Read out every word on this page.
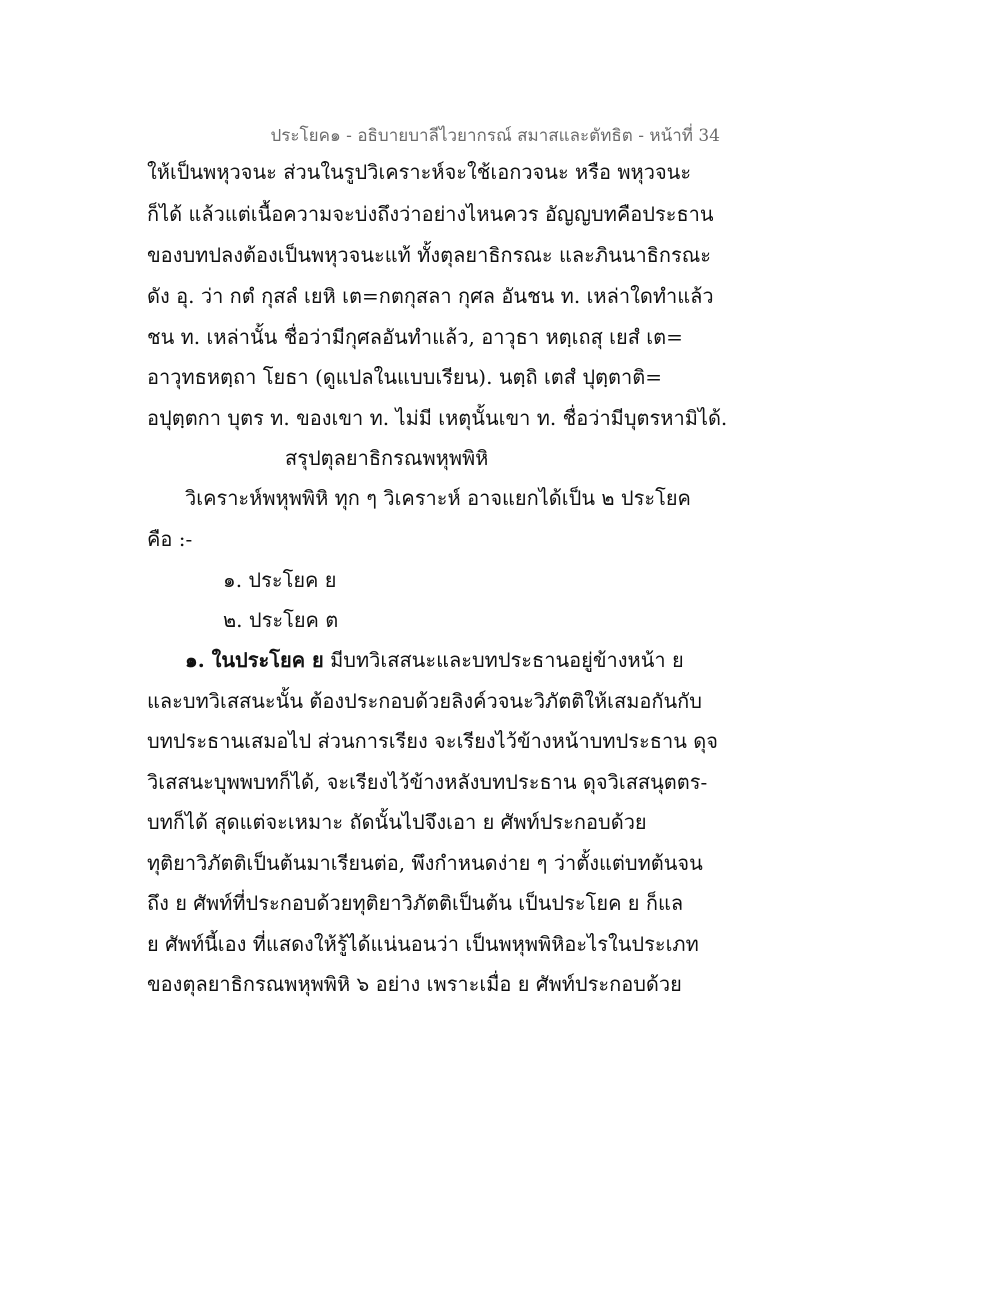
ประโยค๑ - อธิบายบาลีไวยากรณ์ สมาสและตัทธิต - หน้าที่ 34
ให้เป็นพหุวจนะ ส่วนในรูปวิเคราะห์จะใช้เอกวจนะ หรือ พหุวจนะ
ก็ได้ แล้วแต่เนื้อความจะบ่งถึงว่าอย่างไหนควร อัญญบทคือประธาน
ของบทปลงต้องเป็นพหุวจนะแท้ ทั้งตุลยาธิกรณะ และภินนาธิกรณะ
ดัง อุ. ว่า กตํ กุสลํ เยหิ เต=กตกุสลา กุศล อันชน ท. เหล่าใดทำแล้ว
ชน ท. เหล่านั้น ชื่อว่ามีกุศลอันทำแล้ว, อาวุธา หตฺเถสุ เยสํ เต=
อาวุทธหตฺถา โยธา (ดูแปลในแบบเรียน). นตฺถิ เตสํ ปุตฺตาติ=
อปุตฺตกา บุตร ท. ของเขา ท. ไม่มี เหตุนั้นเขา ท. ชื่อว่ามีบุตรหามิได้.
สรุปตุลยาธิกรณพหุพพิหิ
วิเคราะห์พหุพพิหิ ทุก ๆ วิเคราะห์ อาจแยกได้เป็น ๒ ประโยค
คือ :-
๑. ประโยค ย
๒. ประโยค ต
๑. ในประโยค ย มีบทวิเสสนะและบทประธานอยู่ข้างหน้า ย
และบทวิเสสนะนั้น ต้องประกอบด้วยลิงค์วจนะวิภัตติให้เสมอกันกับ
บทประธานเสมอไป ส่วนการเรียง จะเรียงไว้ข้างหน้าบทประธาน ดุจ
วิเสสนะบุพพบทก็ได้, จะเรียงไว้ข้างหลังบทประธาน ดุจวิเสสนุตตร-
บทก็ได้ สุดแต่จะเหมาะ ถัดนั้นไปจึงเอา ย ศัพท์ประกอบด้วย
ทุติยาวิภัตติเป็นต้นมาเรียนต่อ, พึงกำหนดง่าย ๆ ว่าตั้งแต่บทต้นจน
ถึง ย ศัพท์ที่ประกอบด้วยทุติยาวิภัตติเป็นต้น เป็นประโยค ย ก็แล
ย ศัพท์นี้เอง ที่แสดงให้รู้ได้แน่นอนว่า เป็นพหุพพิหิอะไรในประเภท
ของตุลยาธิกรณพหุพพิหิ ๖ อย่าง เพราะเมื่อ ย ศัพท์ประกอบด้วย
